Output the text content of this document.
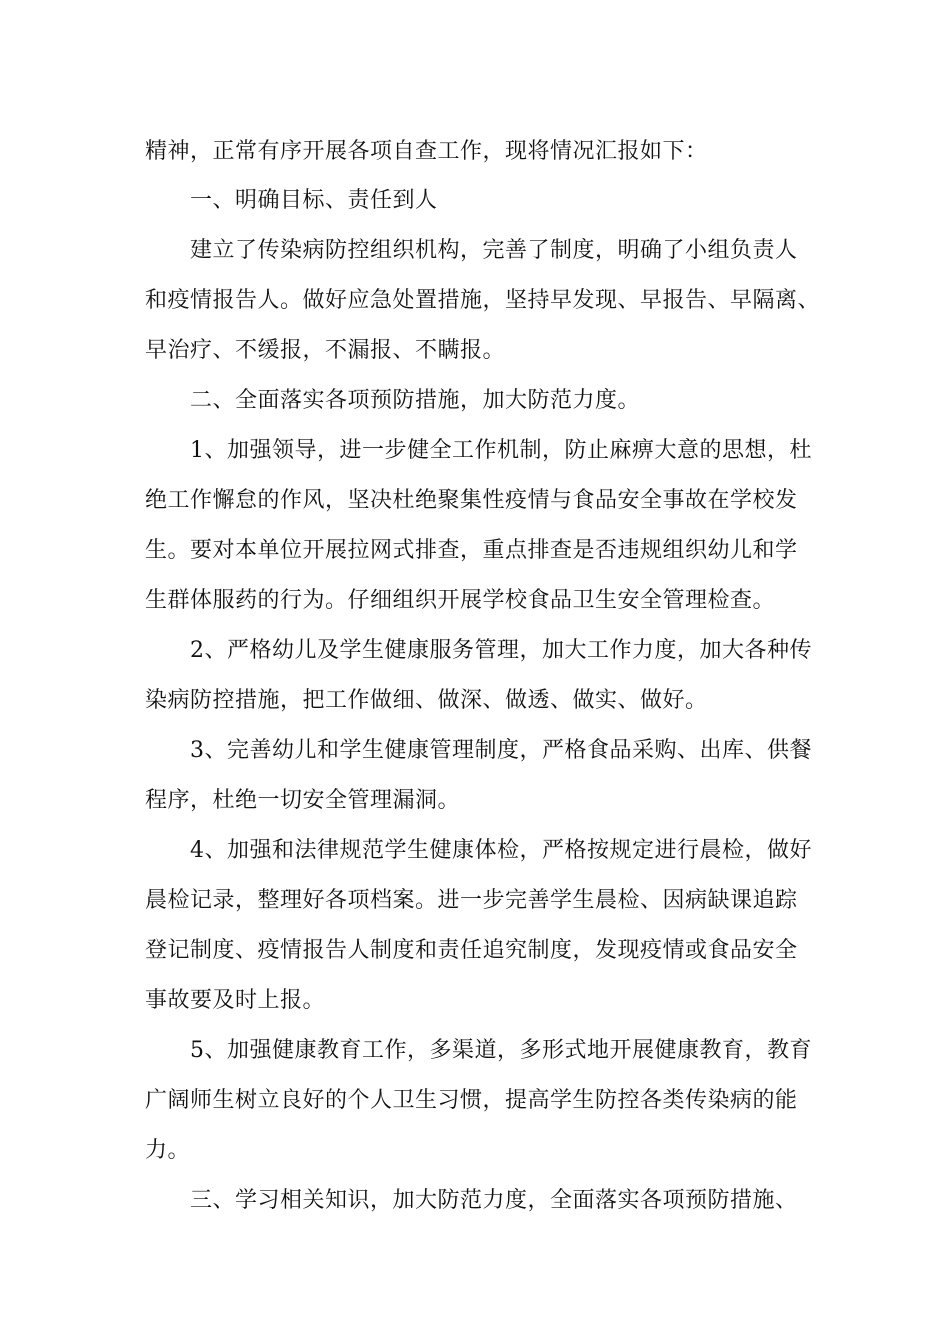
精神，正常有序开展各项自查工作，现将情况汇报如下：
一、明确目标、责任到人
建立了传染病防控组织机构，完善了制度，明确了小组负责人
和疫情报告人。做好应急处置措施，坚持早发现、早报告、早隔离、
早治疗、不缓报，不漏报、不瞒报。
二、全面落实各项预防措施，加大防范力度。
1、加强领导，进一步健全工作机制，防止麻痹大意的思想，杜
绝工作懈怠的作风，坚决杜绝聚集性疫情与食品安全事故在学校发
生。要对本单位开展拉网式排查，重点排查是否违规组织幼儿和学
生群体服药的行为。仔细组织开展学校食品卫生安全管理检查。
2、严格幼儿及学生健康服务管理，加大工作力度，加大各种传
染病防控措施，把工作做细、做深、做透、做实、做好。
3、完善幼儿和学生健康管理制度，严格食品采购、出库、供餐
程序，杜绝一切安全管理漏洞。
4、加强和法律规范学生健康体检，严格按规定进行晨检，做好
晨检记录，整理好各项档案。进一步完善学生晨检、因病缺课追踪
登记制度、疫情报告人制度和责任追究制度，发现疫情或食品安全
事故要及时上报。
5、加强健康教育工作，多渠道，多形式地开展健康教育，教育
广阔师生树立良好的个人卫生习惯，提高学生防控各类传染病的能
力。
三、学习相关知识，加大防范力度，全面落实各项预防措施、
